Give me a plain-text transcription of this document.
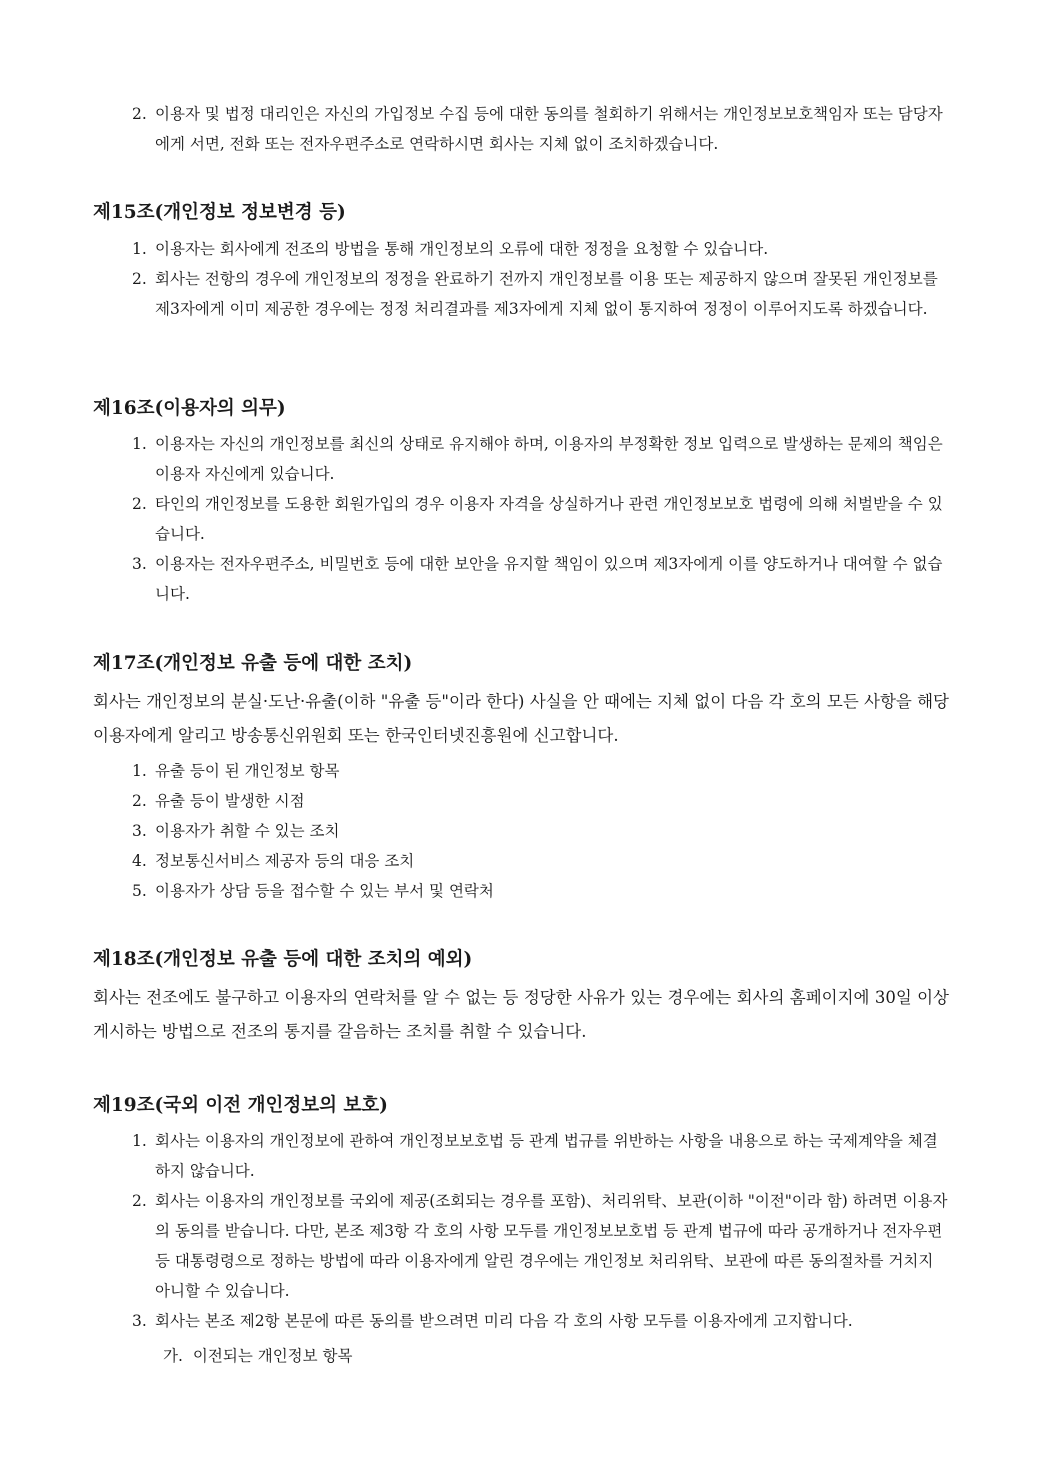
2. 이용자 및 법정 대리인은 자신의 가입정보 수집 등에 대한 동의를 철회하기 위해서는 개인정보보호책임자 또는 담당자에게 서면, 전화 또는 전자우편주소로 연락하시면 회사는 지체 없이 조치하겠습니다.
제15조(개인정보 정보변경 등)
1. 이용자는 회사에게 전조의 방법을 통해 개인정보의 오류에 대한 정정을 요청할 수 있습니다.
2. 회사는 전항의 경우에 개인정보의 정정을 완료하기 전까지 개인정보를 이용 또는 제공하지 않으며 잘못된 개인정보를 제3자에게 이미 제공한 경우에는 정정 처리결과를 제3자에게 지체 없이 통지하여 정정이 이루어지도록 하겠습니다.
제16조(이용자의 의무)
1. 이용자는 자신의 개인정보를 최신의 상태로 유지해야 하며, 이용자의 부정확한 정보 입력으로 발생하는 문제의 책임은 이용자 자신에게 있습니다.
2. 타인의 개인정보를 도용한 회원가입의 경우 이용자 자격을 상실하거나 관련 개인정보보호 법령에 의해 처벌받을 수 있습니다.
3. 이용자는 전자우편주소, 비밀번호 등에 대한 보안을 유지할 책임이 있으며 제3자에게 이를 양도하거나 대여할 수 없습니다.
제17조(개인정보 유출 등에 대한 조치)
회사는 개인정보의 분실·도난·유출(이하 "유출 등"이라 한다) 사실을 안 때에는 지체 없이 다음 각 호의 모든 사항을 해당 이용자에게 알리고 방송통신위원회 또는 한국인터넷진흥원에 신고합니다.
1. 유출 등이 된 개인정보 항목
2. 유출 등이 발생한 시점
3. 이용자가 취할 수 있는 조치
4. 정보통신서비스 제공자 등의 대응 조치
5. 이용자가 상담 등을 접수할 수 있는 부서 및 연락처
제18조(개인정보 유출 등에 대한 조치의 예외)
회사는 전조에도 불구하고 이용자의 연락처를 알 수 없는 등 정당한 사유가 있는 경우에는 회사의 홈페이지에 30일 이상 게시하는 방법으로 전조의 통지를 갈음하는 조치를 취할 수 있습니다.
제19조(국외 이전 개인정보의 보호)
1. 회사는 이용자의 개인정보에 관하여 개인정보보호법 등 관계 법규를 위반하는 사항을 내용으로 하는 국제계약을 체결하지 않습니다.
2. 회사는 이용자의 개인정보를 국외에 제공(조회되는 경우를 포함)、처리위탁、보관(이하 "이전"이라 함) 하려면 이용자의 동의를 받습니다. 다만, 본조 제3항 각 호의 사항 모두를 개인정보보호법 등 관계 법규에 따라 공개하거나 전자우편 등 대통령령으로 정하는 방법에 따라 이용자에게 알린 경우에는 개인정보 처리위탁、보관에 따른 동의절차를 거치지 아니할 수 있습니다.
3. 회사는 본조 제2항 본문에 따른 동의를 받으려면 미리 다음 각 호의 사항 모두를 이용자에게 고지합니다.
가. 이전되는 개인정보 항목
